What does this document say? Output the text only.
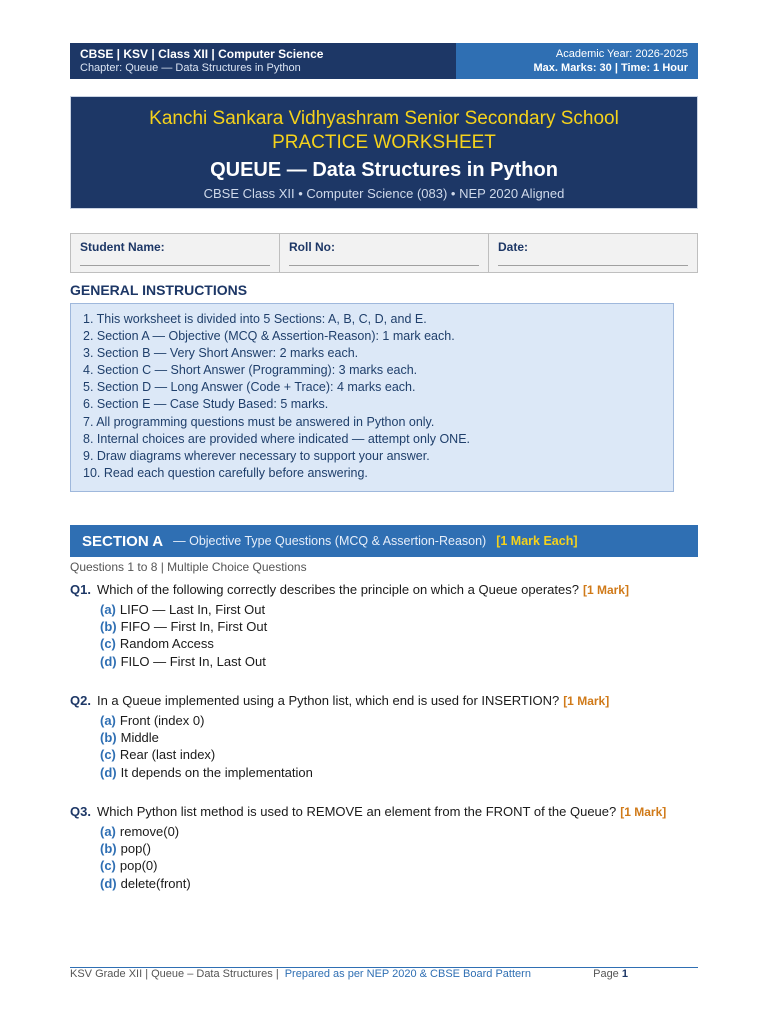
CBSE | KSV | Class XII | Computer Science
Chapter: Queue — Data Structures in Python
Academic Year: 2026-2025
Max. Marks: 30 | Time: 1 Hour
Kanchi Sankara Vidhyashram Senior Secondary School
PRACTICE WORKSHEET
QUEUE — Data Structures in Python
CBSE Class XII • Computer Science (083) • NEP 2020 Aligned
Student Name:	Roll No:	Date:
GENERAL INSTRUCTIONS
1. This worksheet is divided into 5 Sections: A, B, C, D, and E.
2. Section A — Objective (MCQ & Assertion-Reason): 1 mark each.
3. Section B — Very Short Answer: 2 marks each.
4. Section C — Short Answer (Programming): 3 marks each.
5. Section D — Long Answer (Code + Trace): 4 marks each.
6. Section E — Case Study Based: 5 marks.
7. All programming questions must be answered in Python only.
8. Internal choices are provided where indicated — attempt only ONE.
9. Draw diagrams wherever necessary to support your answer.
10. Read each question carefully before answering.
SECTION A — Objective Type Questions (MCQ & Assertion-Reason) [1 Mark Each]
Questions 1 to 8 | Multiple Choice Questions
Q1. Which of the following correctly describes the principle on which a Queue operates? [1 Mark]
(a) LIFO — Last In, First Out
(b) FIFO — First In, First Out
(c) Random Access
(d) FILO — First In, Last Out
Q2. In a Queue implemented using a Python list, which end is used for INSERTION? [1 Mark]
(a) Front (index 0)
(b) Middle
(c) Rear (last index)
(d) It depends on the implementation
Q3. Which Python list method is used to REMOVE an element from the FRONT of the Queue? [1 Mark]
(a) remove(0)
(b) pop()
(c) pop(0)
(d) delete(front)
KSV Grade XII | Queue – Data Structures | Prepared as per NEP 2020 & CBSE Board Pattern	Page 1
